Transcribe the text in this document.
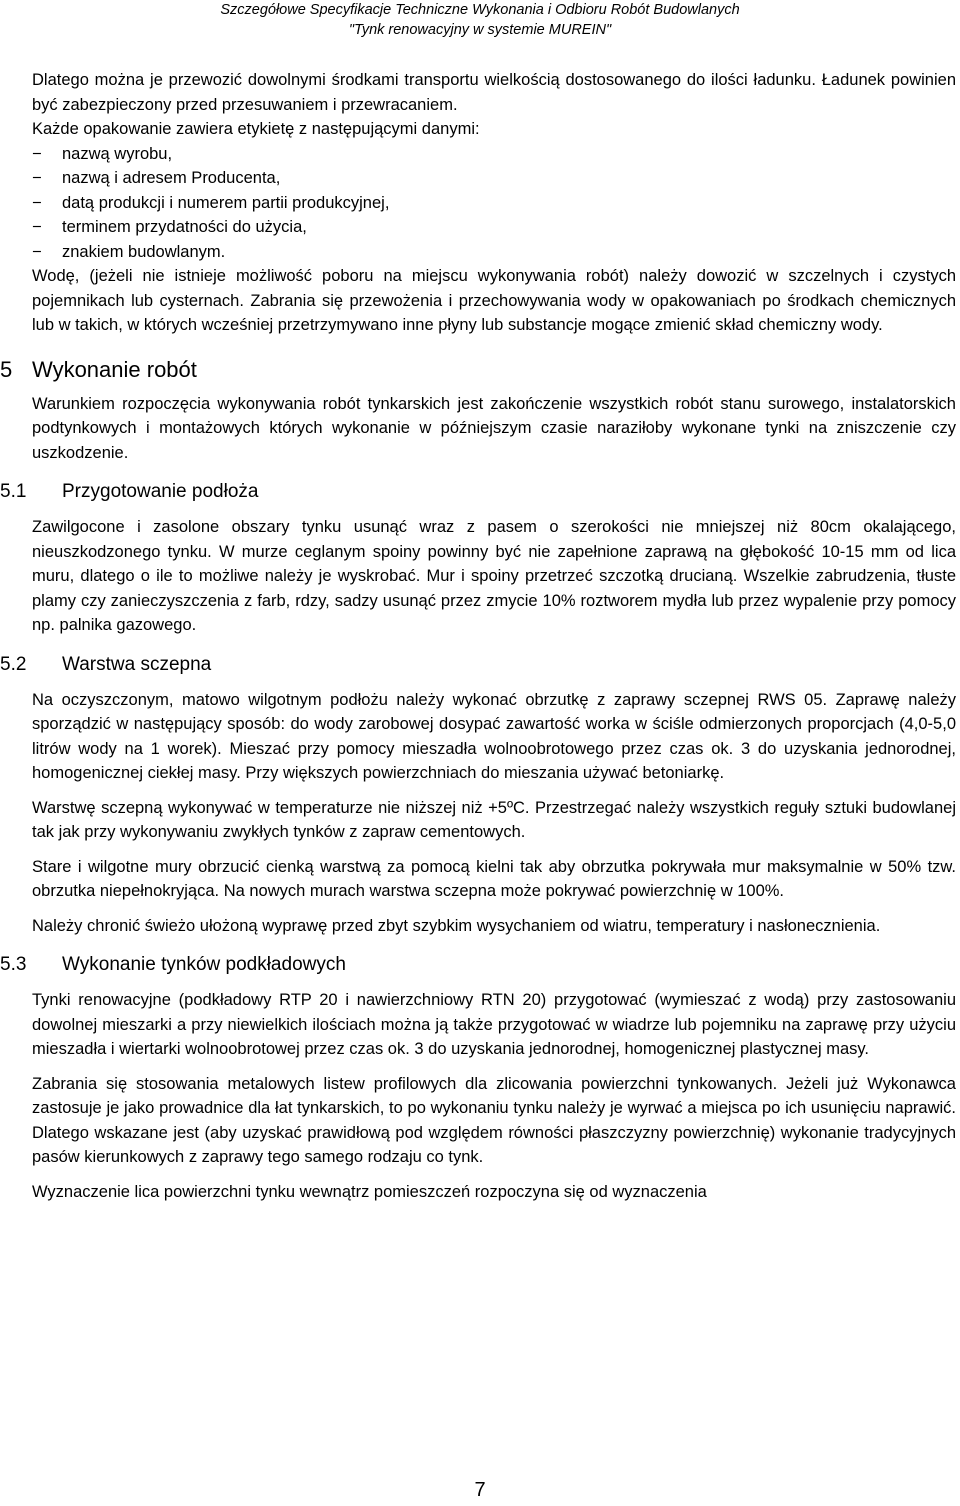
Szczegółowe Specyfikacje Techniczne Wykonania i Odbioru Robót Budowlanych
"Tynk renowacyjny w systemie MUREIN"

Dlatego można je przewozić dowolnymi środkami transportu wielkością dostosowanego do ilości ładunku. Ładunek powinien być zabezpieczony przed przesuwaniem i przewracaniem.

Każde opakowanie zawiera etykietę z następującymi danymi:

− nazwą wyrobu,
− nazwą i adresem Producenta,
− datą produkcji i numerem partii produkcyjnej,
− terminem przydatności do użycia,
− znakiem budowlanym.

Wodę, (jeżeli nie istnieje możliwość poboru na miejscu wykonywania robót) należy dowozić w szczelnych i czystych pojemnikach lub cysternach. Zabrania się przewożenia i przechowywania wody w opakowaniach po środkach chemicznych lub w takich, w których wcześniej przetrzymywano inne płyny lub substancje mogące zmienić skład chemiczny wody.

5 Wykonanie robót

Warunkiem rozpoczęcia wykonywania robót tynkarskich jest zakończenie wszystkich robót stanu surowego, instalatorskich podtynkowych i montażowych których wykonanie w późniejszym czasie naraziłoby wykonane tynki na zniszczenie czy uszkodzenie.

5.1 Przygotowanie podłoża

Zawilgocone i zasolone obszary tynku usunąć wraz z pasem o szerokości nie mniejszej niż 80cm okalającego, nieuszkodzonego tynku. W murze ceglanym spoiny powinny być nie zapełnione zaprawą na głębokość 10-15 mm od lica muru, dlatego o ile to możliwe należy je wyskrobać. Mur i spoiny przetrzeć szczotką drucianą. Wszelkie zabrudzenia, tłuste plamy czy zanieczyszczenia z farb, rdzy, sadzy usunąć przez zmycie 10% roztworem mydła lub przez wypalenie przy pomocy np. palnika gazowego.

5.2 Warstwa sczepna

Na oczyszczonym, matowo wilgotnym podłożu należy wykonać obrzutkę z zaprawy sczepnej RWS 05. Zaprawę należy sporządzić w następujący sposób: do wody zarobowej dosypać zawartość worka w ściśle odmierzonych proporcjach (4,0-5,0 litrów wody na 1 worek). Mieszać przy pomocy mieszadła wolnoobrotowego przez czas ok. 3 do uzyskania jednorodnej, homogenicznej ciekłej masy. Przy większych powierzchniach do mieszania używać betoniarkę.

Warstwę sczepną wykonywać w temperaturze nie niższej niż +5ºC. Przestrzegać należy wszystkich reguły sztuki budowlanej tak jak przy wykonywaniu zwykłych tynków z zapraw cementowych.

Stare i wilgotne mury obrzucić cienką warstwą za pomocą kielni tak aby obrzutka pokrywała mur maksymalnie w 50% tzw. obrzutka niepełnokryjąca. Na nowych murach warstwa sczepna może pokrywać powierzchnię w 100%.

Należy chronić świeżo ułożoną wyprawę przed zbyt szybkim wysychaniem od wiatru, temperatury i nasłonecznienia.

5.3 Wykonanie tynków podkładowych

Tynki renowacyjne (podkładowy RTP 20 i nawierzchniowy RTN 20) przygotować (wymieszać z wodą) przy zastosowaniu dowolnej mieszarki a przy niewielkich ilościach można ją także przygotować w wiadrze lub pojemniku na zaprawę przy użyciu mieszadła i wiertarki wolnoobrotowej przez czas ok. 3 do uzyskania jednorodnej, homogenicznej plastycznej masy.

Zabrania się stosowania metalowych listew profilowych dla zlicowania powierzchni tynkowanych. Jeżeli już Wykonawca zastosuje je jako prowadnice dla łat tynkarskich, to po wykonaniu tynku należy je wyrwać a miejsca po ich usunięciu naprawić. Dlatego wskazane jest (aby uzyskać prawidłową pod względem równości płaszczyzny powierzchnię) wykonanie tradycyjnych pasów kierunkowych z zaprawy tego samego rodzaju co tynk.

Wyznaczenie lica powierzchni tynku wewnątrz pomieszczeń rozpoczyna się od wyznaczenia

7
